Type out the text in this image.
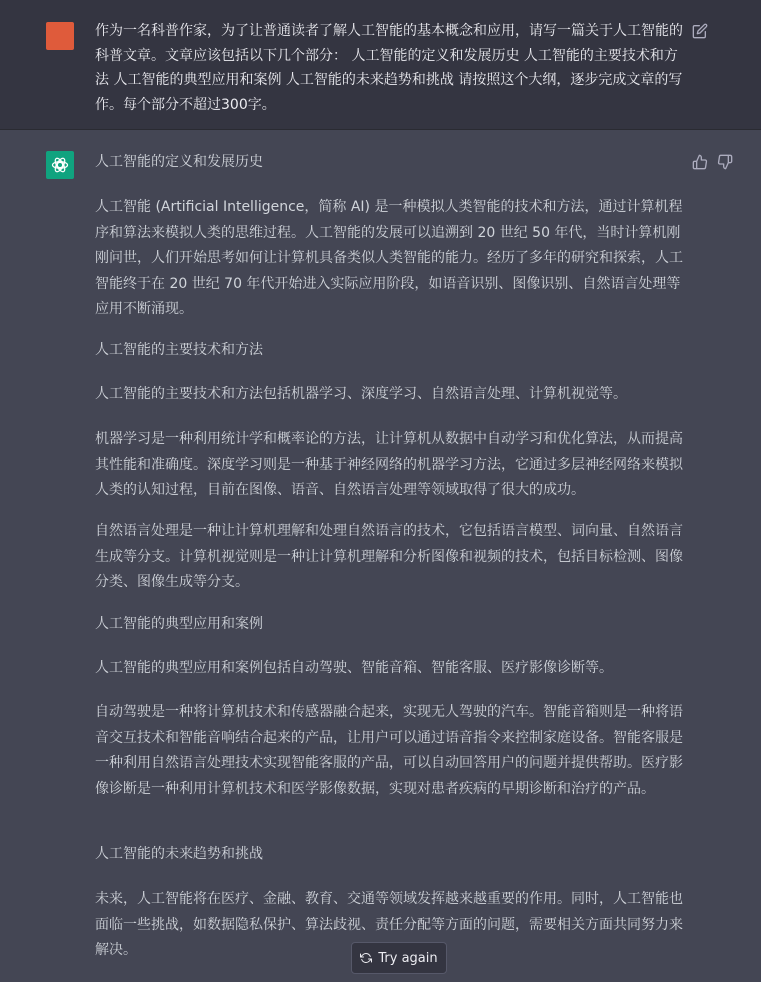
作为一名科普作家，为了让普通读者了解人工智能的基本概念和应用，请写一篇关于人工智能的科普文章。文章应该包括以下几个部分： 人工智能的定义和发展历史 人工智能的主要技术和方法 人工智能的典型应用和案例 人工智能的未来趋势和挑战 请按照这个大纲，逐步完成文章的写作。每个部分不超过300字。

人工智能的定义和发展历史

人工智能 (Artificial Intelligence，简称 AI) 是一种模拟人类智能的技术和方法，通过计算机程序和算法来模拟人类的思维过程。人工智能的发展可以追溯到 20 世纪 50 年代，当时计算机刚刚问世，人们开始思考如何让计算机具备类似人类智能的能力。经历了多年的研究和探索，人工智能终于在 20 世纪 70 年代开始进入实际应用阶段，如语音识别、图像识别、自然语言处理等应用不断涌现。

人工智能的主要技术和方法

人工智能的主要技术和方法包括机器学习、深度学习、自然语言处理、计算机视觉等。

机器学习是一种利用统计学和概率论的方法，让计算机从数据中自动学习和优化算法，从而提高其性能和准确度。深度学习则是一种基于神经网络的机器学习方法，它通过多层神经网络来模拟人类的认知过程，目前在图像、语音、自然语言处理等领域取得了很大的成功。

自然语言处理是一种让计算机理解和处理自然语言的技术，它包括语言模型、词向量、自然语言生成等分支。计算机视觉则是一种让计算机理解和分析图像和视频的技术，包括目标检测、图像分类、图像生成等分支。

人工智能的典型应用和案例

人工智能的典型应用和案例包括自动驾驶、智能音箱、智能客服、医疗影像诊断等。

自动驾驶是一种将计算机技术和传感器融合起来，实现无人驾驶的汽车。智能音箱则是一种将语音交互技术和智能音响结合起来的产品，让用户可以通过语音指令来控制家庭设备。智能客服是一种利用自然语言处理技术实现智能客服的产品，可以自动回答用户的问题并提供帮助。医疗影像诊断是一种利用计算机技术和医学影像数据，实现对患者疾病的早期诊断和治疗的产品。

人工智能的未来趋势和挑战

未来，人工智能将在医疗、金融、教育、交通等领域发挥越来越重要的作用。同时，人工智能也面临一些挑战，如数据隐私保护、算法歧视、责任分配等方面的问题，需要相关方面共同努力来解决。	Try again
